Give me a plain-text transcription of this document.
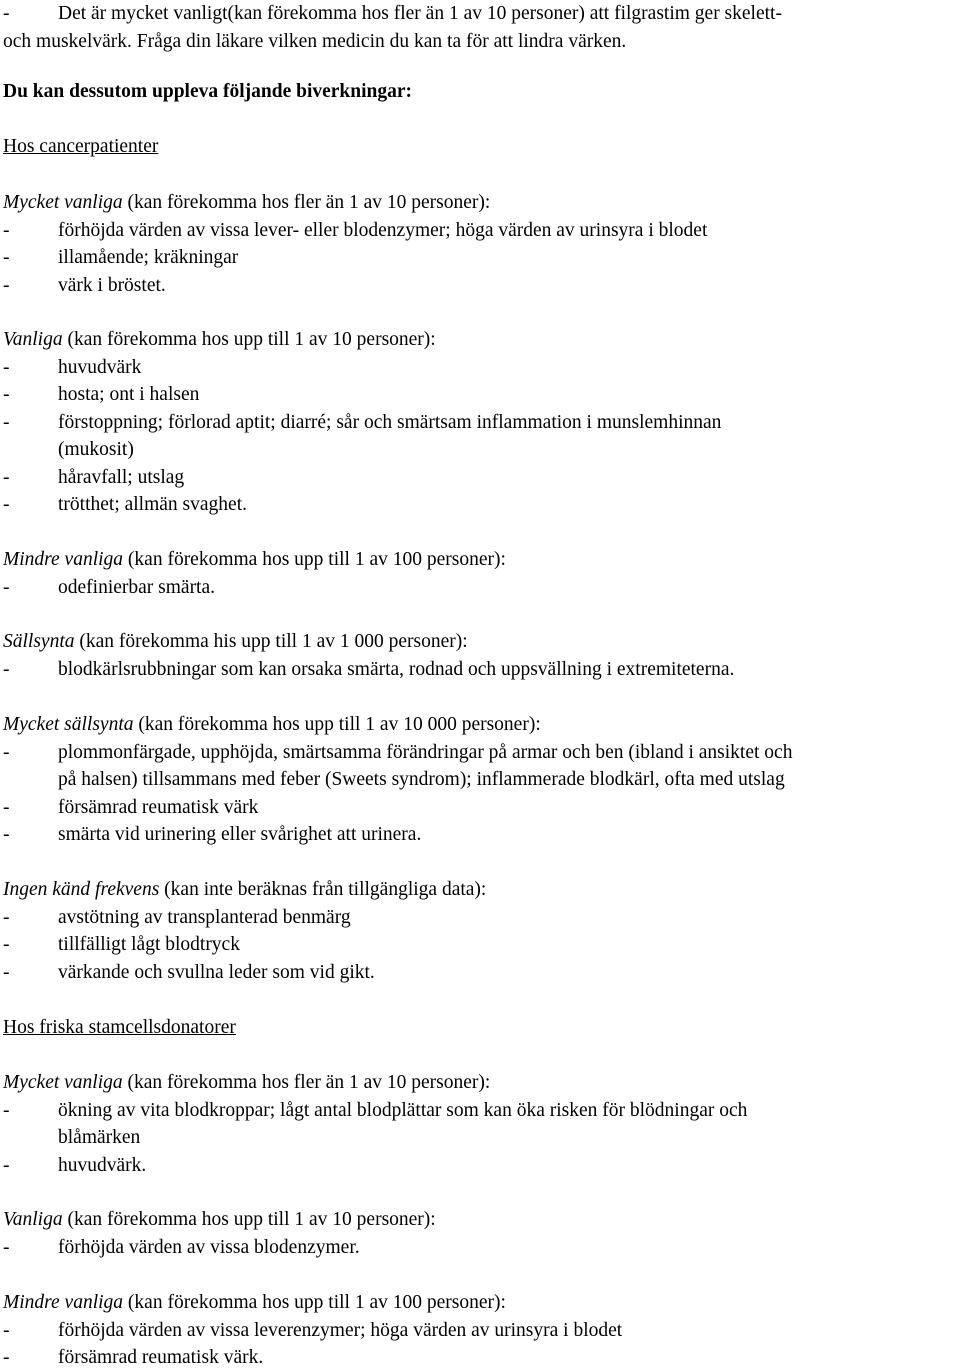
- Det är mycket vanligt(kan förekomma hos fler än 1 av 10 personer) att filgrastim ger skelett-
och muskelvärk. Fråga din läkare vilken medicin du kan ta för att lindra värken.
Du kan dessutom uppleva följande biverkningar:
Hos cancerpatienter
Mycket vanliga (kan förekomma hos fler än 1 av 10 personer):
- förhöjda värden av vissa lever- eller blodenzymer; höga värden av urinsyra i blodet
- illamående; kräkningar
- värk i bröstet.
Vanliga (kan förekomma hos upp till 1 av 10 personer):
- huvudvärk
- hosta; ont i halsen
- förstoppning; förlorad aptit; diarré; sår och smärtsam inflammation i munslemhinnan
(mukosit)
- håravfall; utslag
- trötthet; allmän svaghet.
Mindre vanliga (kan förekomma hos upp till 1 av 100 personer):
- odefinierbar smärta.
Sällsynta (kan förekomma his upp till 1 av 1 000 personer):
- blodkärlsrubbningar som kan orsaka smärta, rodnad och uppsvällning i extremiteterna.
Mycket sällsynta (kan förekomma hos upp till 1 av 10 000 personer):
- plommonfärgade, upphöjda, smärtsamma förändringar på armar och ben (ibland i ansiktet och
på halsen) tillsammans med feber (Sweets syndrom); inflammerade blodkärl, ofta med utslag
- försämrad reumatisk värk
- smärta vid urinering eller svårighet att urinera.
Ingen känd frekvens (kan inte beräknas från tillgängliga data):
- avstötning av transplanterad benmärg
- tillfälligt lågt blodtryck
- värkande och svullna leder som vid gikt.
Hos friska stamcellsdonatorer
Mycket vanliga (kan förekomma hos fler än 1 av 10 personer):
- ökning av vita blodkroppar; lågt antal blodplättar som kan öka risken för blödningar och
blåmärken
- huvudvärk.
Vanliga (kan förekomma hos upp till 1 av 10 personer):
- förhöjda värden av vissa blodenzymer.
Mindre vanliga (kan förekomma hos upp till 1 av 100 personer):
- förhöjda värden av vissa leverenzymer; höga värden av urinsyra i blodet
- försämrad reumatisk värk.
